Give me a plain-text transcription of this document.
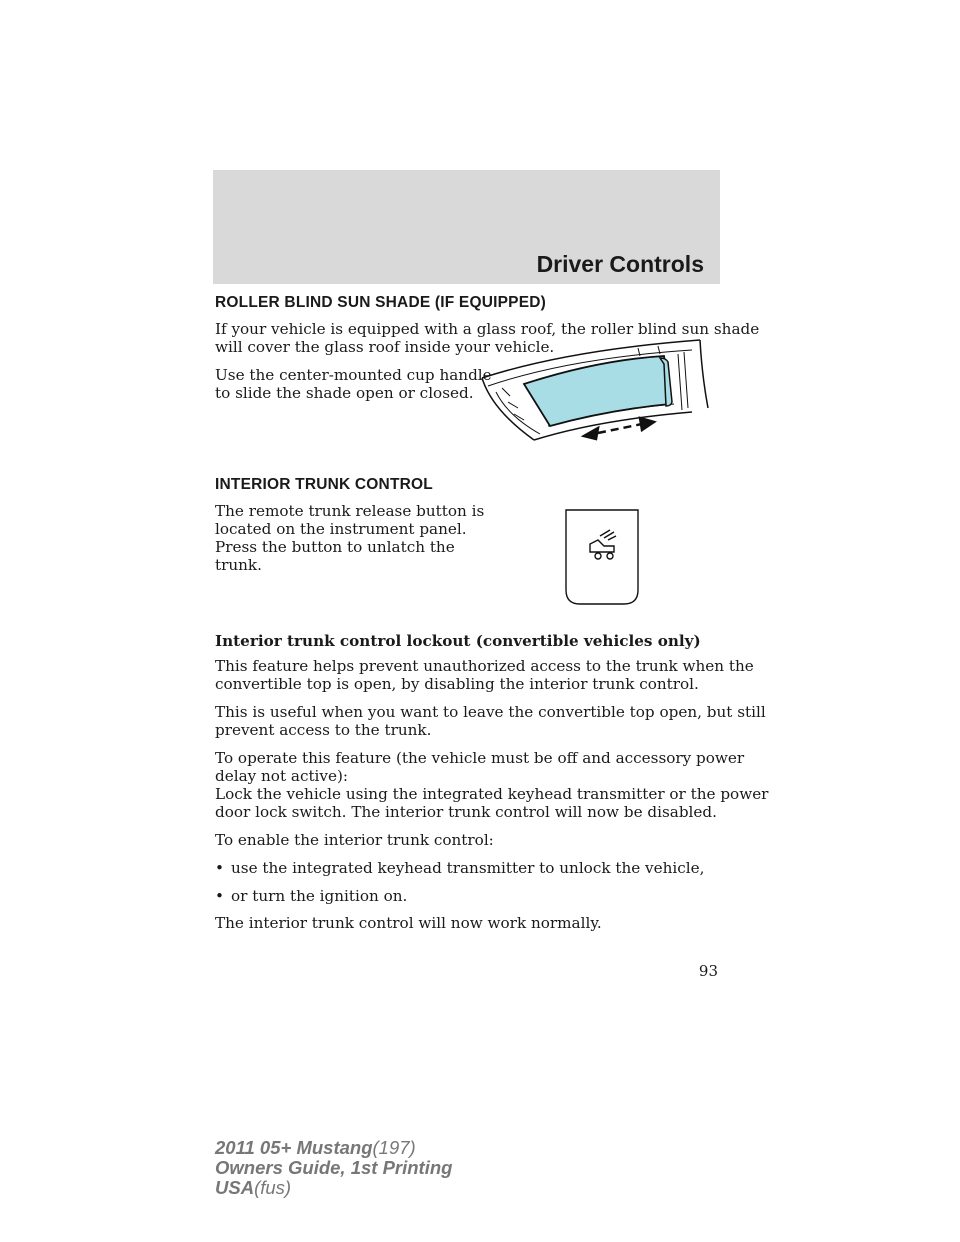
Driver Controls
ROLLER BLIND SUN SHADE (IF EQUIPPED)
If your vehicle is equipped with a glass roof, the roller blind sun shade
will cover the glass roof inside your vehicle.
Use the center-mounted cup handle
to slide the shade open or closed.
INTERIOR TRUNK CONTROL
The remote trunk release button is
located on the instrument panel.
Press the button to unlatch the
trunk.
Interior trunk control lockout (convertible vehicles only)
This feature helps prevent unauthorized access to the trunk when the
convertible top is open, by disabling the interior trunk control.
This is useful when you want to leave the convertible top open, but still
prevent access to the trunk.
To operate this feature (the vehicle must be off and accessory power
delay not active):
Lock the vehicle using the integrated keyhead transmitter or the power
door lock switch. The interior trunk control will now be disabled.
To enable the interior trunk control:
• use the integrated keyhead transmitter to unlock the vehicle,
• or turn the ignition on.
The interior trunk control will now work normally.
93
2011 05+ Mustang(197)
Owners Guide, 1st Printing
USA(fus)
